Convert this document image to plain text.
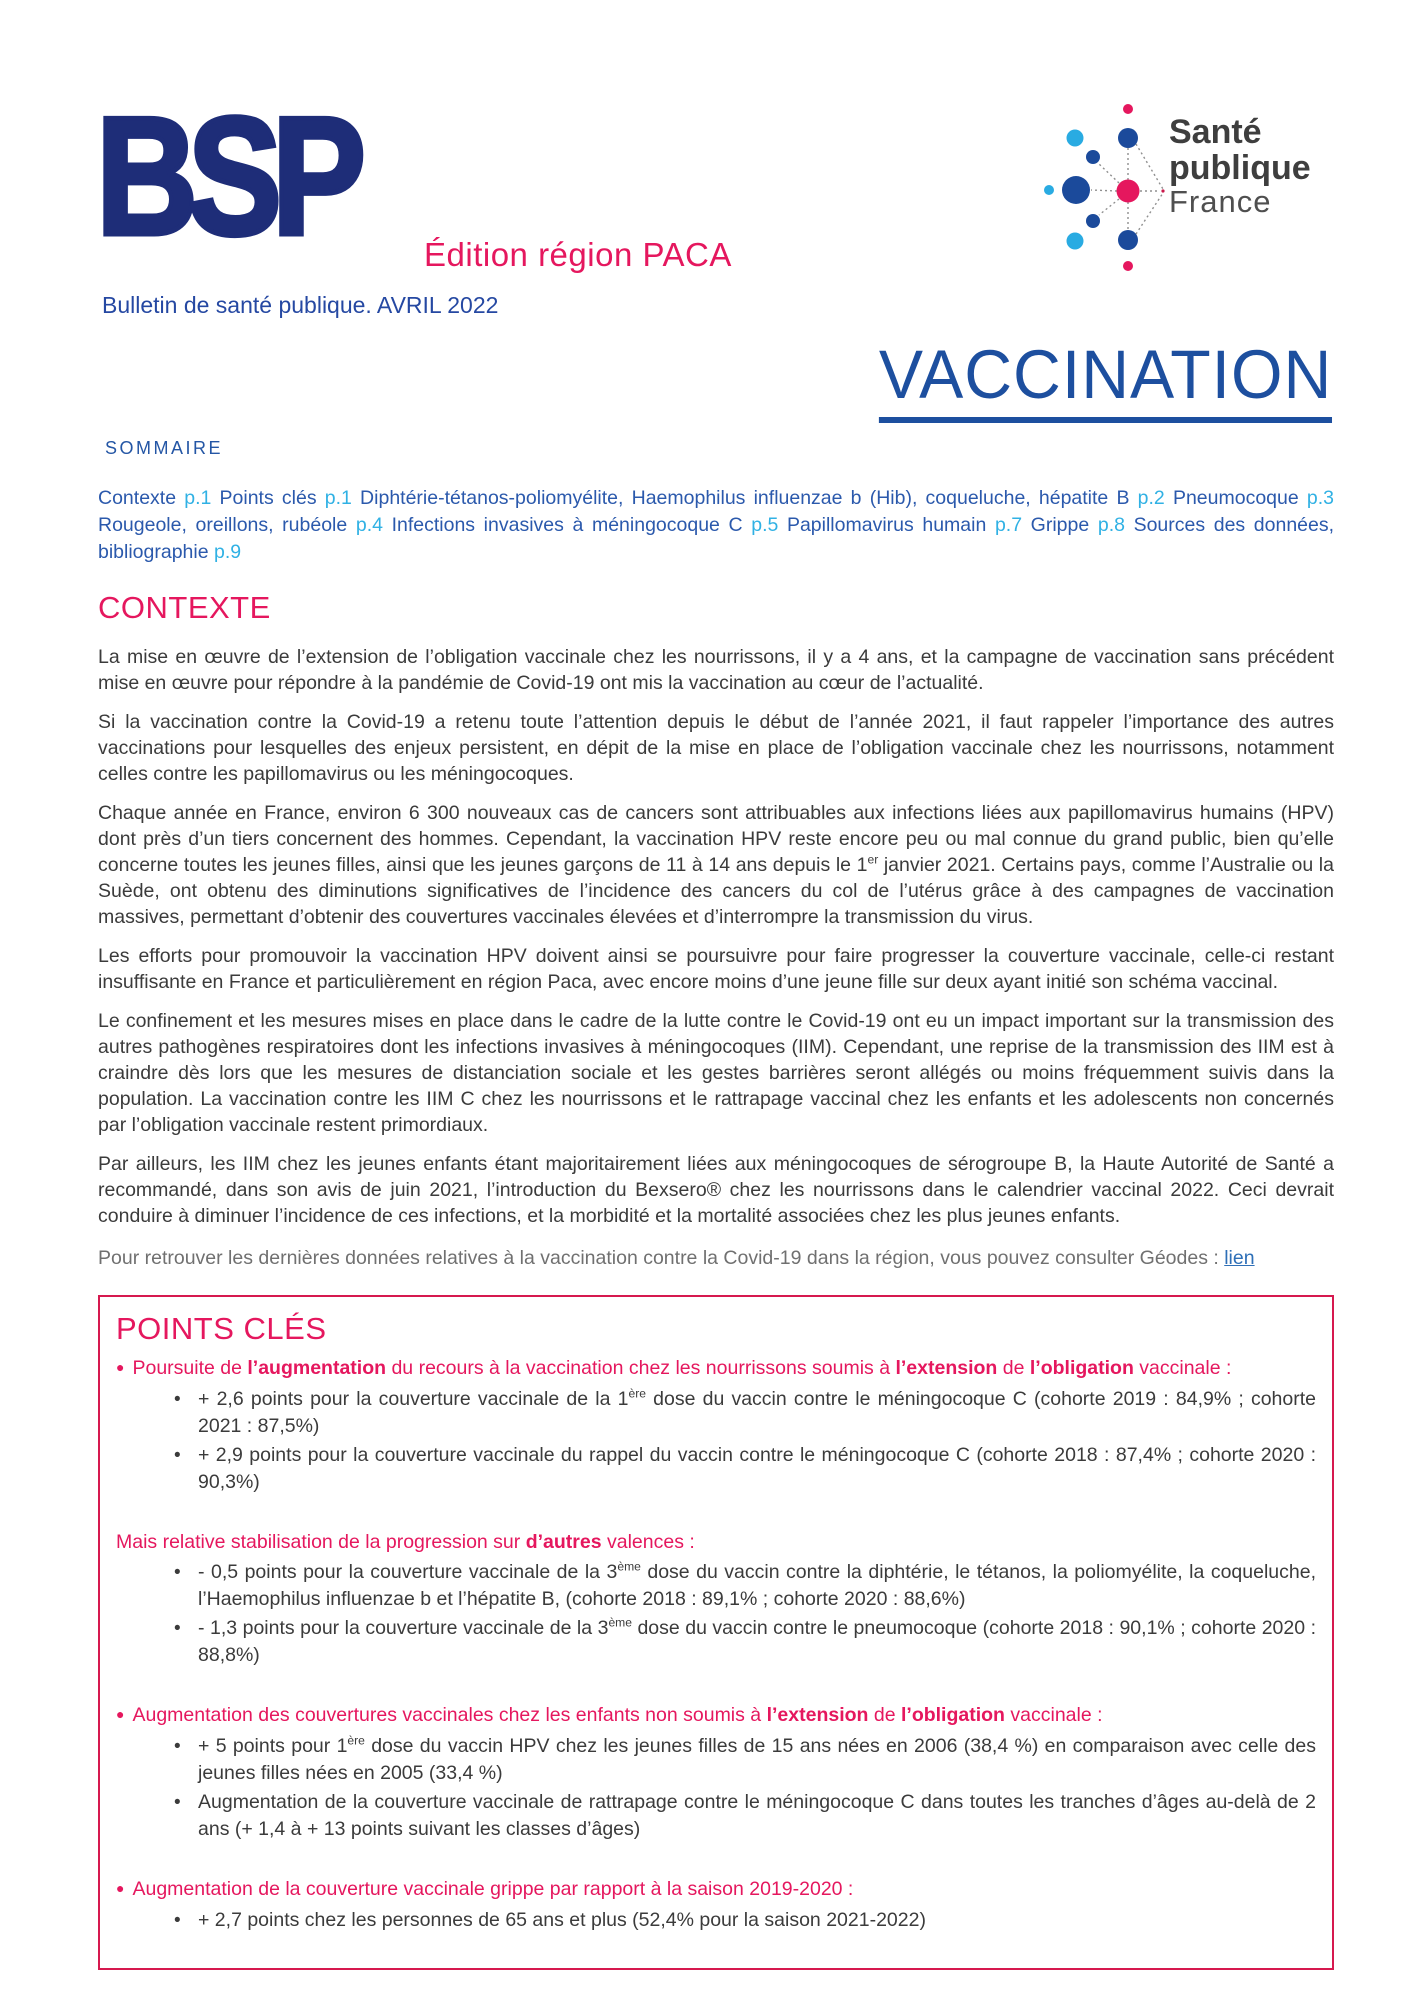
BSP Édition région PACA
Bulletin de santé publique. AVRIL 2022
Santé
publique
France
VACCINATION
SOMMAIRE

Contexte p.1 Points clés p.1 Diphtérie-tétanos-poliomyélite, Haemophilus influenzae b (Hib), coqueluche, hépatite B p.2 Pneumocoque p.3 Rougeole, oreillons, rubéole p.4 Infections invasives à méningocoque C p.5 Papillomavirus humain p.7 Grippe p.8 Sources des données, bibliographie p.9

CONTEXTE

La mise en œuvre de l’extension de l’obligation vaccinale chez les nourrissons, il y a 4 ans, et la campagne de vaccination sans précédent mise en œuvre pour répondre à la pandémie de Covid-19 ont mis la vaccination au cœur de l’actualité.

Si la vaccination contre la Covid-19 a retenu toute l’attention depuis le début de l’année 2021, il faut rappeler l’importance des autres vaccinations pour lesquelles des enjeux persistent, en dépit de la mise en place de l’obligation vaccinale chez les nourrissons, notamment celles contre les papillomavirus ou les méningocoques.

Chaque année en France, environ 6 300 nouveaux cas de cancers sont attribuables aux infections liées aux papillomavirus humains (HPV) dont près d’un tiers concernent des hommes. Cependant, la vaccination HPV reste encore peu ou mal connue du grand public, bien qu’elle concerne toutes les jeunes filles, ainsi que les jeunes garçons de 11 à 14 ans depuis le 1er janvier 2021. Certains pays, comme l’Australie ou la Suède, ont obtenu des diminutions significatives de l’incidence des cancers du col de l’utérus grâce à des campagnes de vaccination massives, permettant d’obtenir des couvertures vaccinales élevées et d’interrompre la transmission du virus.

Les efforts pour promouvoir la vaccination HPV doivent ainsi se poursuivre pour faire progresser la couverture vaccinale, celle-ci restant insuffisante en France et particulièrement en région Paca, avec encore moins d’une jeune fille sur deux ayant initié son schéma vaccinal.

Le confinement et les mesures mises en place dans le cadre de la lutte contre le Covid-19 ont eu un impact important sur la transmission des autres pathogènes respiratoires dont les infections invasives à méningocoques (IIM). Cependant, une reprise de la transmission des IIM est à craindre dès lors que les mesures de distanciation sociale et les gestes barrières seront allégés ou moins fréquemment suivis dans la population. La vaccination contre les IIM C chez les nourrissons et le rattrapage vaccinal chez les enfants et les adolescents non concernés par l’obligation vaccinale restent primordiaux.

Par ailleurs, les IIM chez les jeunes enfants étant majoritairement liées aux méningocoques de sérogroupe B, la Haute Autorité de Santé a recommandé, dans son avis de juin 2021, l’introduction du Bexsero® chez les nourrissons dans le calendrier vaccinal 2022. Ceci devrait conduire à diminuer l’incidence de ces infections, et la morbidité et la mortalité associées chez les plus jeunes enfants.

Pour retrouver les dernières données relatives à la vaccination contre la Covid-19 dans la région, vous pouvez consulter Géodes : lien

POINTS CLÉS

● Poursuite de l’augmentation du recours à la vaccination chez les nourrissons soumis à l’extension de l’obligation vaccinale :

•
+ 2,6 points pour la couverture vaccinale de la 1ère dose du vaccin contre le méningocoque C (cohorte 2019 : 84,9% ; cohorte 2021 : 87,5%)
•
+ 2,9 points pour la couverture vaccinale du rappel du vaccin contre le méningocoque C (cohorte 2018 : 87,4% ; cohorte 2020 : 90,3%)

Mais relative stabilisation de la progression sur d’autres valences :

•
- 0,5 points pour la couverture vaccinale de la 3ème dose du vaccin contre la diphtérie, le tétanos, la poliomyélite, la coqueluche, l’Haemophilus influenzae b et l’hépatite B, (cohorte 2018 : 89,1% ; cohorte 2020 : 88,6%)
•
- 1,3 points pour la couverture vaccinale de la 3ème dose du vaccin contre le pneumocoque (cohorte 2018 : 90,1% ; cohorte 2020 : 88,8%)

● Augmentation des couvertures vaccinales chez les enfants non soumis à l’extension de l’obligation vaccinale :

•
+ 5 points pour 1ère dose du vaccin HPV chez les jeunes filles de 15 ans nées en 2006 (38,4 %) en comparaison avec celle des jeunes filles nées en 2005 (33,4 %)
•
Augmentation de la couverture vaccinale de rattrapage contre le méningocoque C dans toutes les tranches d’âges au-delà de 2 ans (+ 1,4 à + 13 points suivant les classes d’âges)

● Augmentation de la couverture vaccinale grippe par rapport à la saison 2019-2020 :

•
+ 2,7 points chez les personnes de 65 ans et plus (52,4% pour la saison 2021-2022)
